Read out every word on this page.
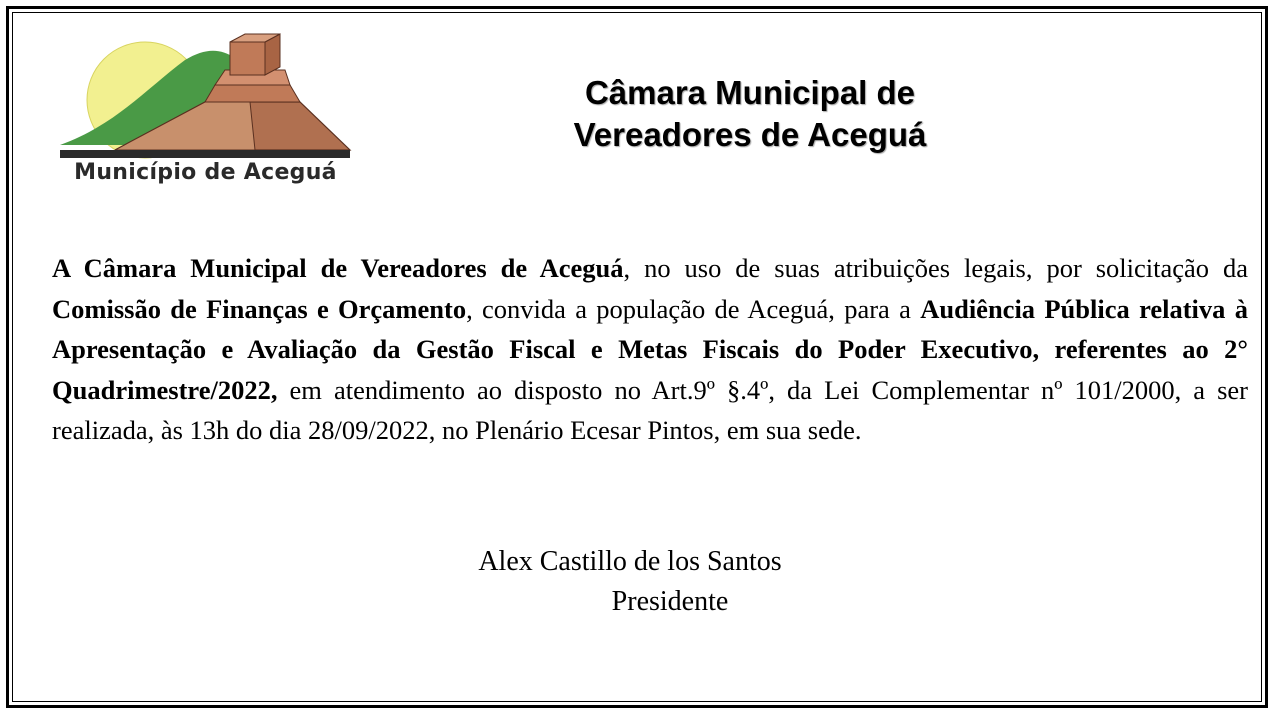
Município de Aceguá
Câmara Municipal de
Vereadores de Aceguá
A Câmara Municipal de Vereadores de Aceguá, no uso de suas atribuições legais, por solicitação da Comissão de Finanças e Orçamento, convida a população de Aceguá, para a Audiência Pública relativa à Apresentação e Avaliação da Gestão Fiscal e Metas Fiscais do Poder Executivo, referentes ao 2° Quadrimestre/2022, em atendimento ao disposto no Art.9º §.4º, da Lei Complementar nº 101/2000, a ser realizada, às 13h do dia 28/09/2022, no Plenário Ecesar Pintos, em sua sede.
Alex Castillo de los Santos
Presidente
